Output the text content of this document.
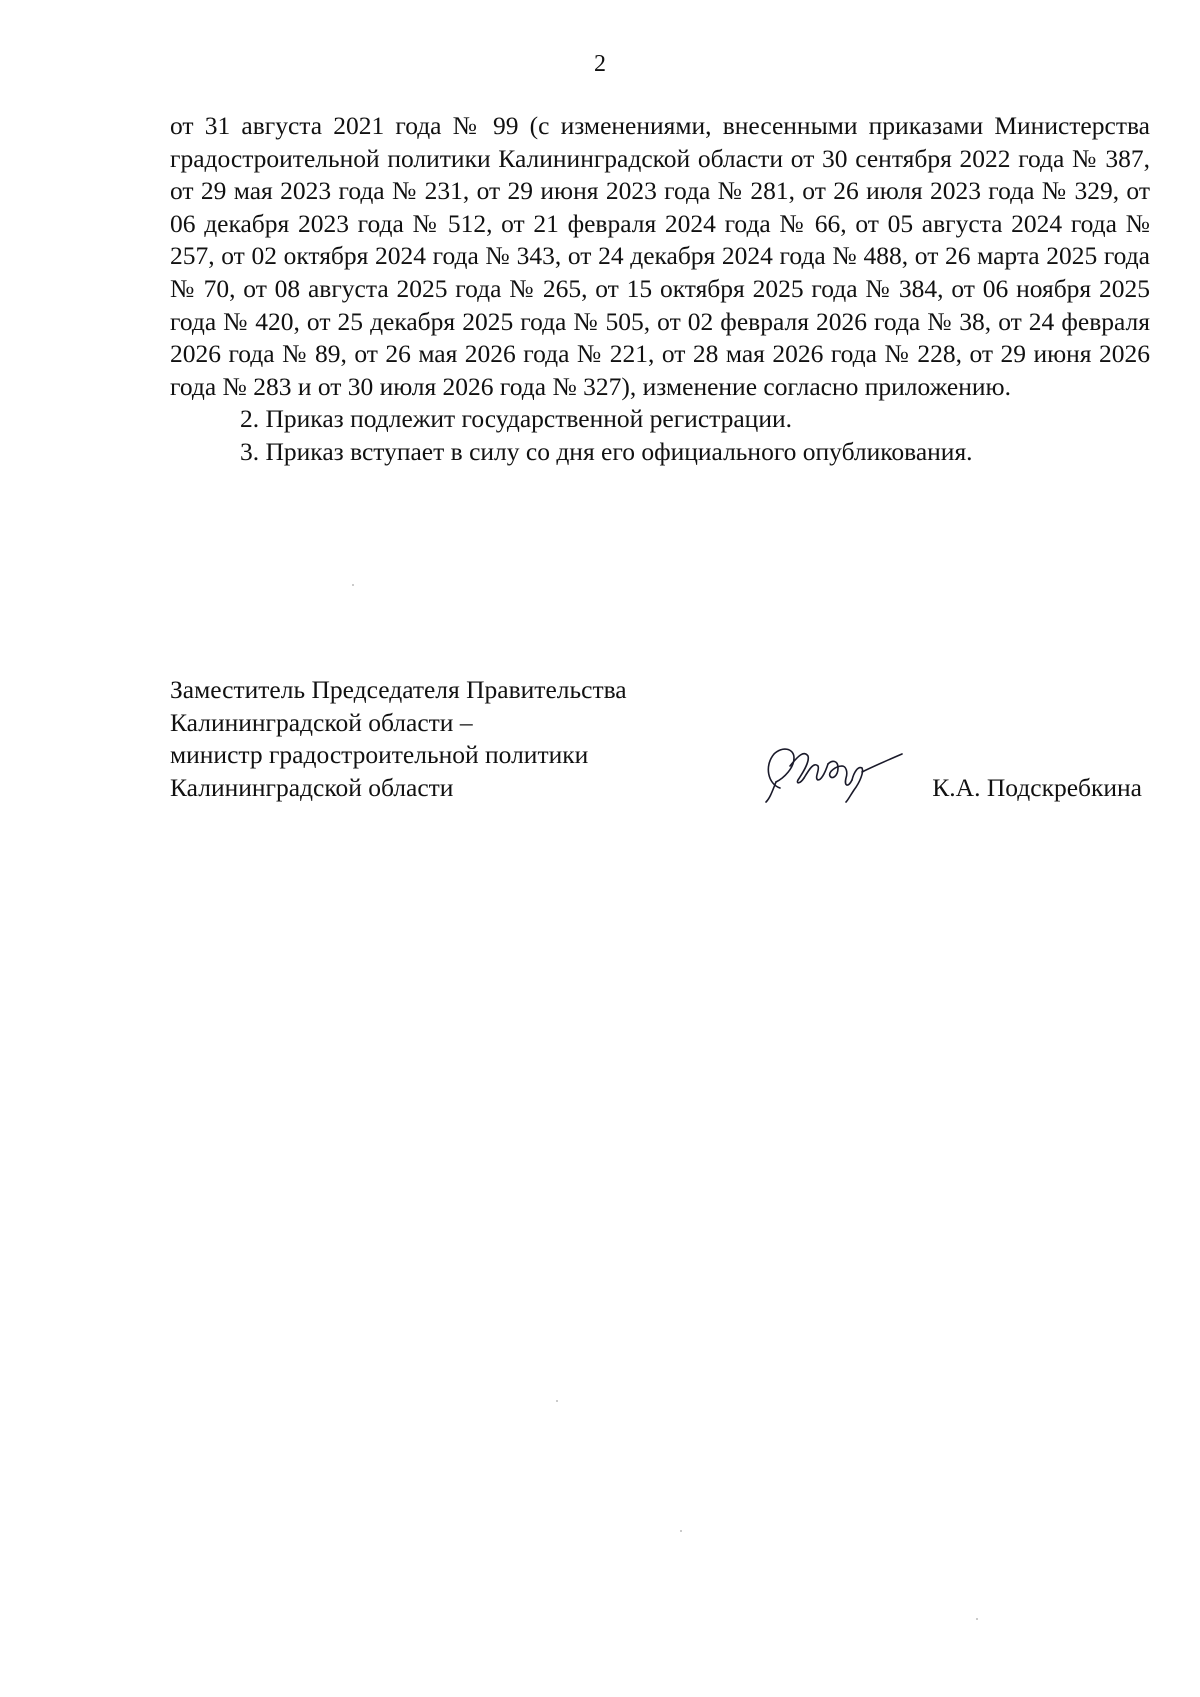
2

от 31 августа 2021 года № 99 (с изменениями, внесенными приказами Министерства градостроительной политики Калининградской области от 30 сентября 2022 года № 387, от 29 мая 2023 года № 231, от 29 июня 2023 года № 281, от 26 июля 2023 года № 329, от 06 декабря 2023 года № 512, от 21 февраля 2024 года № 66, от 05 августа 2024 года № 257, от 02 октября 2024 года № 343, от 24 декабря 2024 года № 488, от 26 марта 2025 года № 70, от 08 августа 2025 года № 265, от 15 октября 2025 года № 384, от 06 ноября 2025 года № 420, от 25 декабря 2025 года № 505, от 02 февраля 2026 года № 38, от 24 февраля 2026 года № 89, от 26 мая 2026 года № 221, от 28 мая 2026 года № 228, от 29 июня 2026 года № 283 и от 30 июля 2026 года № 327), изменение согласно приложению.

2. Приказ подлежит государственной регистрации.

3. Приказ вступает в силу со дня его официального опубликования.

Заместитель Председателя Правительства
Калининградской области –
министр градостроительной политики
Калининградской области	К.А. Подскребкина
